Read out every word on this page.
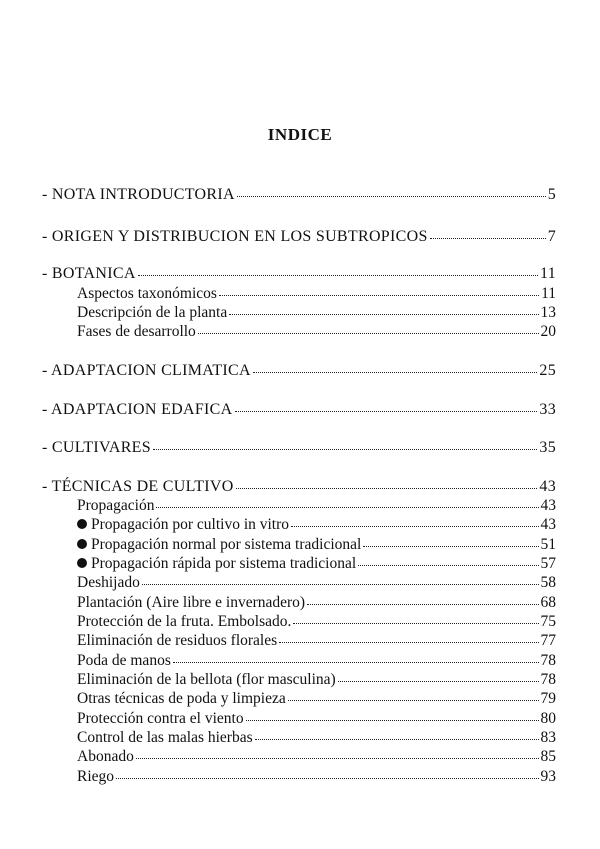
INDICE
- NOTA INTRODUCTORIA	5
- ORIGEN Y DISTRIBUCION EN LOS SUBTROPICOS	7
- BOTANICA	11
Aspectos taxonómicos	11
Descripción de la planta	13
Fases de desarrollo	20
- ADAPTACION CLIMATICA	25
- ADAPTACION EDAFICA	33
- CULTIVARES	35
- TÉCNICAS DE CULTIVO	43
Propagación	43
Propagación por cultivo in vitro	43
Propagación normal por sistema tradicional	51
Propagación rápida por sistema tradicional	57
Deshijado	58
Plantación (Aire libre e invernadero)	68
Protección de la fruta. Embolsado.	75
Eliminación de residuos florales	77
Poda de manos	78
Eliminación de la bellota (flor masculina)	78
Otras técnicas de poda y limpieza	79
Protección contra el viento	80
Control de las malas hierbas	83
Abonado	85
Riego	93
